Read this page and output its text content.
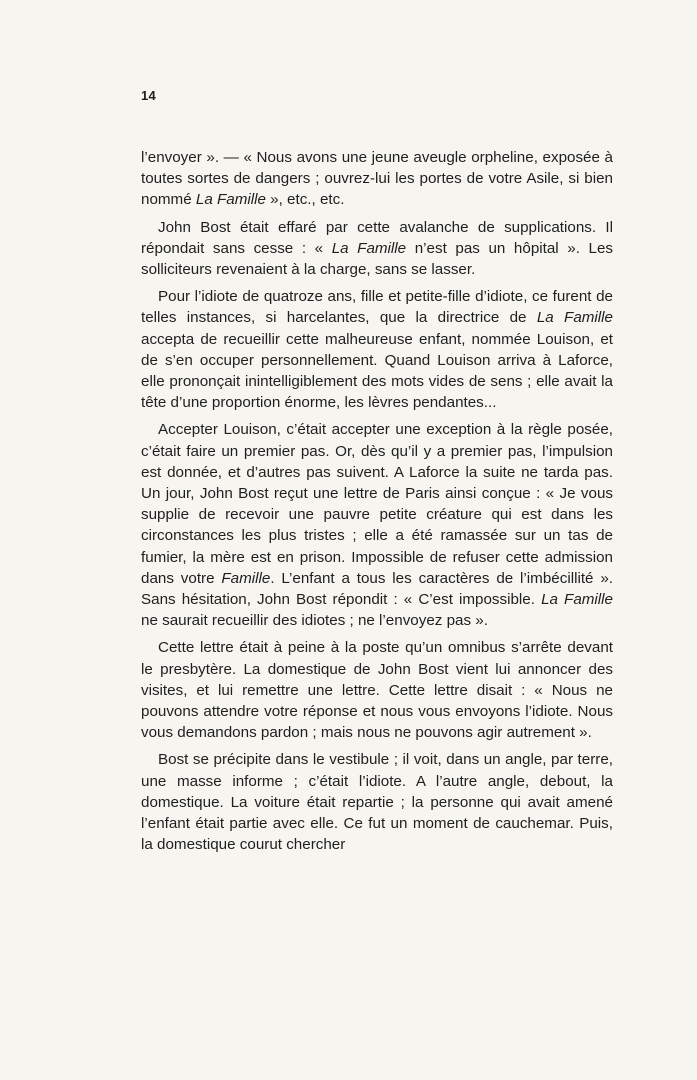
14

l’envoyer ». — « Nous avons une jeune aveugle orpheline, exposée à toutes sortes de dangers ; ouvrez-lui les portes de votre Asile, si bien nommé La Famille », etc., etc.

John Bost était effaré par cette avalanche de supplications. Il répondait sans cesse : « La Famille n’est pas un hôpital ». Les solliciteurs revenaient à la charge, sans se lasser.

Pour l’idiote de quatroze ans, fille et petite-fille d’idiote, ce furent de telles instances, si harcelantes, que la directrice de La Famille accepta de recueillir cette malheureuse enfant, nommée Louison, et de s’en occuper personnellement. Quand Louison arriva à Laforce, elle prononçait inintelligiblement des mots vides de sens ; elle avait la tête d’une proportion énorme, les lèvres pendantes...

Accepter Louison, c’était accepter une exception à la règle posée, c’était faire un premier pas. Or, dès qu’il y a premier pas, l’impulsion est donnée, et d’autres pas suivent. A Laforce la suite ne tarda pas. Un jour, John Bost reçut une lettre de Paris ainsi conçue : « Je vous supplie de recevoir une pauvre petite créature qui est dans les circonstances les plus tristes ; elle a été ramassée sur un tas de fumier, la mère est en prison. Impossible de refuser cette admission dans votre Famille. L’enfant a tous les caractères de l’imbécillité ». Sans hésitation, John Bost répondit : « C’est impossible. La Famille ne saurait recueillir des idiotes ; ne l’envoyez pas ».

Cette lettre était à peine à la poste qu’un omnibus s’arrête devant le presbytère. La domestique de John Bost vient lui annoncer des visites, et lui remettre une lettre. Cette lettre disait : « Nous ne pouvons attendre votre réponse et nous vous envoyons l’idiote. Nous vous demandons pardon ; mais nous ne pouvons agir autrement ».

Bost se précipite dans le vestibule ; il voit, dans un angle, par terre, une masse informe ; c’était l’idiote. A l’autre angle, debout, la domestique. La voiture était repartie ; la personne qui avait amené l’enfant était partie avec elle. Ce fut un moment de cauchemar. Puis, la domestique courut chercher
